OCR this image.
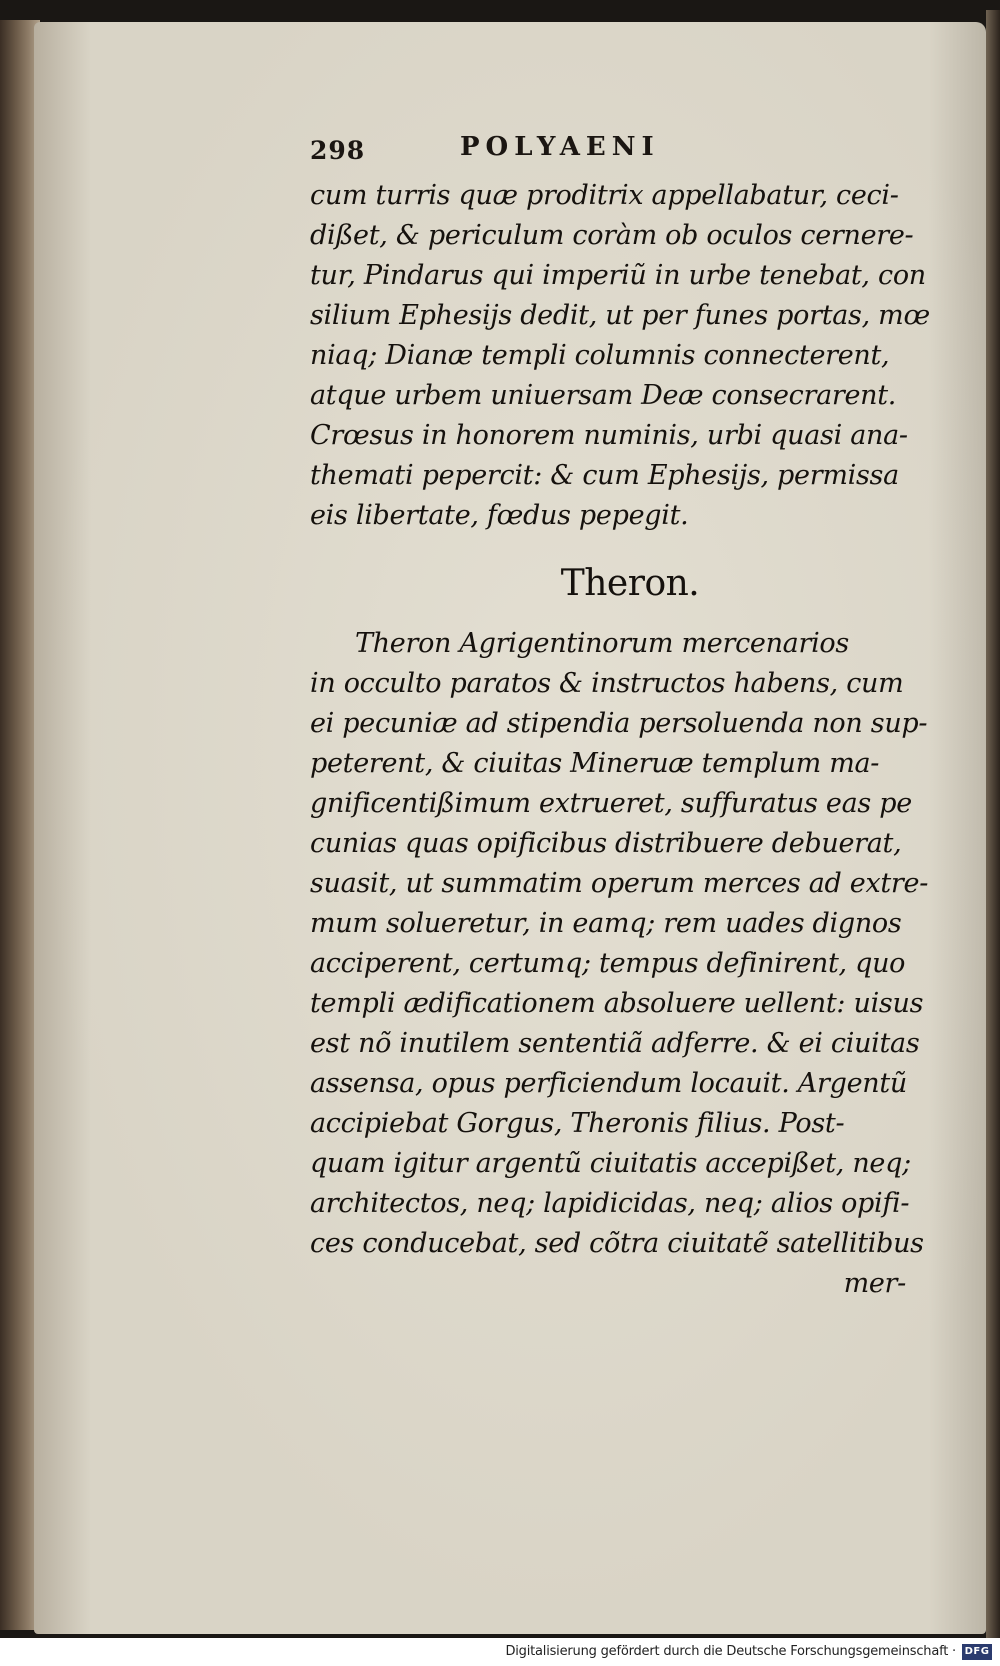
298	POLYAENI
cum turris quæ proditrix appellabatur, ceci-
dißet, & periculum coràm ob oculos cernere-
tur, Pindarus qui imperiũ in urbe tenebat, con
silium Ephesijs dedit, ut per funes portas, mœ
niaq; Dianæ templi columnis connecterent,
atque urbem uniuersam Deæ consecrarent.
Crœsus in honorem numinis, urbi quasi ana-
themati pepercit: & cum Ephesijs, permissa
eis libertate, fœdus pepegit.
Theron.
Theron Agrigentinorum mercenarios
in occulto paratos & instructos habens, cum
ei pecuniæ ad stipendia persoluenda non sup-
peterent, & ciuitas Mineruæ templum ma-
gnificentißimum extrueret, suffuratus eas pe
cunias quas opificibus distribuere debuerat,
suasit, ut summatim operum merces ad extre-
mum solueretur, in eamq; rem uades dignos
acciperent, certumq; tempus definirent, quo
templi ædificationem absoluere uellent: uisus
est nõ inutilem sententiã adferre. & ei ciuitas
assensa, opus perficiendum locauit. Argentũ
accipiebat Gorgus, Theronis filius. Post-
quam igitur argentũ ciuitatis accepißet, neq;
architectos, neq; lapidicidas, neq; alios opifi-
ces conducebat, sed cõtra ciuitatẽ satellitibus
mer-
Digitalisierung gefördert durch die Deutsche Forschungsgemeinschaft · DFG
